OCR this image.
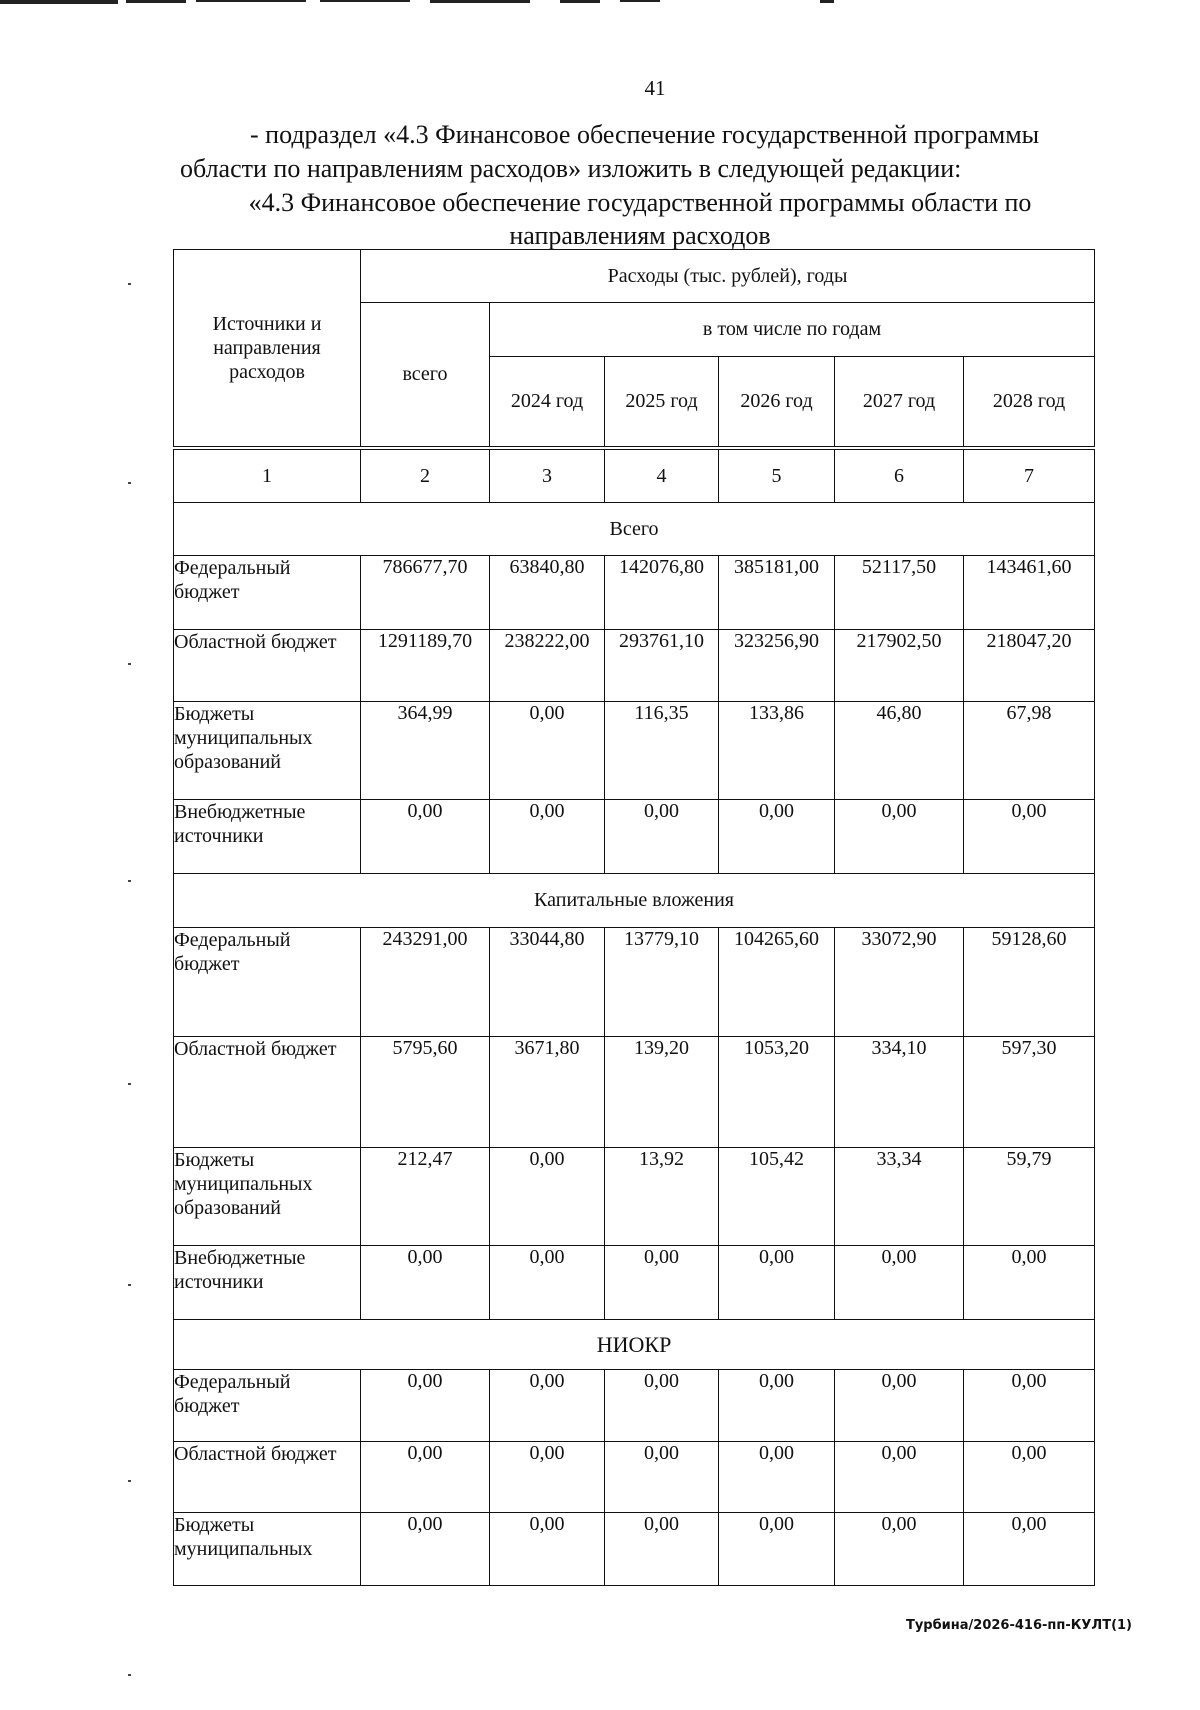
41

- подраздел «4.3 Финансовое обеспечение государственной программы
области по направлениям расходов» изложить в следующей редакции:

«4.3 Финансовое обеспечение государственной программы области по
направлениям расходов
Источники и направления расходов	Расходы (тыс. рублей), годы					
	всего	в том числе по годам				
		2024 год	2025 год	2026 год	2027 год	2028 год

1	2	3	4	5	6	7
Всего						
Федеральный бюджет	786677,70	63840,80	142076,80	385181,00	52117,50	143461,60
Областной бюджет	1291189,70	238222,00	293761,10	323256,90	217902,50	218047,20
Бюджеты муниципальных образований	364,99	0,00	116,35	133,86	46,80	67,98
Внебюджетные источники	0,00	0,00	0,00	0,00	0,00	0,00
Капитальные вложения						
Федеральный бюджет	243291,00	33044,80	13779,10	104265,60	33072,90	59128,60
Областной бюджет	5795,60	3671,80	139,20	1053,20	334,10	597,30
Бюджеты муниципальных образований	212,47	0,00	13,92	105,42	33,34	59,79
Внебюджетные источники	0,00	0,00	0,00	0,00	0,00	0,00
НИОКР						
Федеральный бюджет	0,00	0,00	0,00	0,00	0,00	0,00
Областной бюджет	0,00	0,00	0,00	0,00	0,00	0,00
Бюджеты муниципальных	0,00	0,00	0,00	0,00	0,00	0,00
Турбина/2026-416-пп-КУЛТ(1)
